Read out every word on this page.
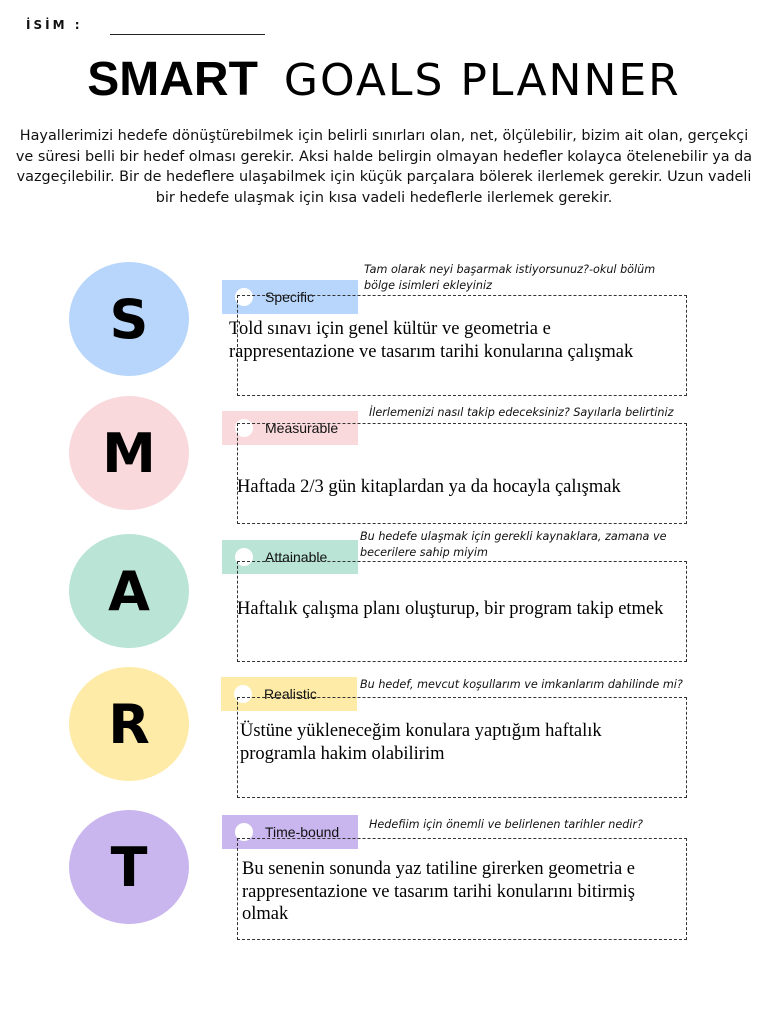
İSİM :
SMART GOALS PLANNER
Hayallerimizi hedefe dönüştürebilmek için belirli sınırları olan, net, ölçülebilir, bizim ait olan, gerçekçi ve süresi belli bir hedef olması gerekir. Aksi halde belirgin olmayan hedefler kolayca ötelenebilir ya da vazgeçilebilir. Bir de hedeflere ulaşabilmek için küçük parçalara bölerek ilerlemek gerekir. Uzun vadeli bir hedefe ulaşmak için kısa vadeli hedeflerle ilerlemek gerekir.
S	Specific
Tam olarak neyi başarmak istiyorsunuz?-okul bölüm
bölge isimleri ekleyiniz
Told sınavı için genel kültür ve geometria e rappresentazione ve tasarım tarihi konularına çalışmak
M	Measurable
İlerlemenizi nasıl takip edeceksiniz? Sayılarla belirtiniz
Haftada 2/3 gün kitaplardan ya da hocayla çalışmak
A
Attainable
Bu hedefe ulaşmak için gerekli kaynaklara, zamana ve
becerilere sahip miyim
Haftalık çalışma planı oluşturup, bir program takip etmek
R	Realistic
Bu hedef, mevcut koşullarım ve imkanlarım dahilinde mi?
Üstüne yükleneceğim konulara yaptığım haftalık programla hakim olabilirim
T
Time-bound	Hedefiim için önemli ve belirlenen tarihler nedir?
Bu senenin sonunda yaz tatiline girerken geometria e rappresentazione ve tasarım tarihi konularını bitirmiş olmak
